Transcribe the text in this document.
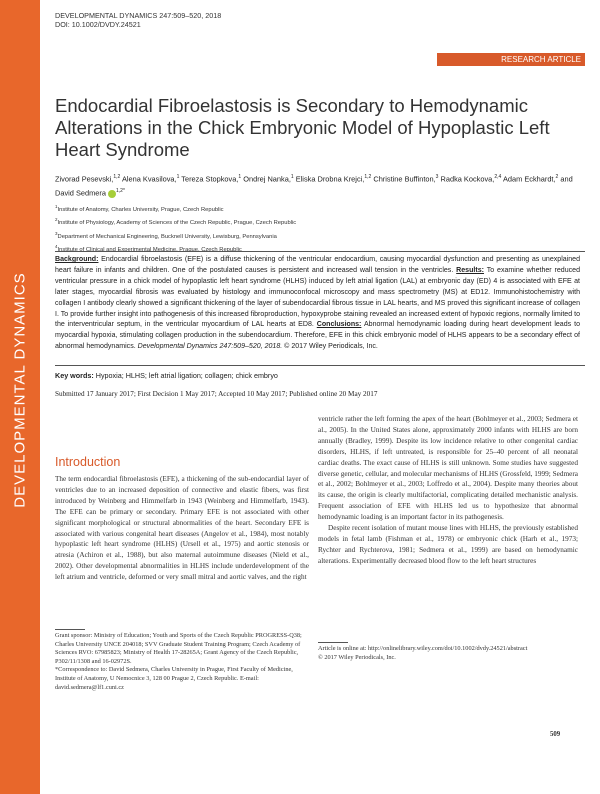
DEVELOPMENTAL DYNAMICS
DEVELOPMENTAL DYNAMICS 247:509–520, 2018
DOI: 10.1002/DVDY.24521
RESEARCH ARTICLE
Endocardial Fibroelastosis is Secondary to Hemodynamic Alterations in the Chick Embryonic Model of Hypoplastic Left Heart Syndrome
Zivorad Pesevski,$^{1,2}$ Alena Kvasilova,$^1$ Tereza Stopkova,$^1$ Ondrej Nanka,$^1$ Eliska Drobna Krejci,$^{1,2}$ Christine Buffinton,$^3$ Radka Kockova,$^{2,4}$ Adam Eckhardt,$^2$ and David Sedmera $^{1,2*}$
$^1$Institute of Anatomy, Charles University, Prague, Czech Republic
$^2$Institute of Physiology, Academy of Sciences of the Czech Republic, Prague, Czech Republic
$^3$Department of Mechanical Engineering, Bucknell University, Lewisburg, Pennsylvania
$^4$Institute of Clinical and Experimental Medicine, Prague, Czech Republic
Background: Endocardial fibroelastosis (EFE) is a diffuse thickening of the ventricular endocardium, causing myocardial dysfunction and presenting as unexplained heart failure in infants and children. One of the postulated causes is persistent and increased wall tension in the ventricles. Results: To examine whether reduced ventricular pressure in a chick model of hypoplastic left heart syndrome (HLHS) induced by left atrial ligation (LAL) at embryonic day (ED) 4 is associated with EFE at later stages, myocardial fibrosis was evaluated by histology and immunoconfocal microscopy and mass spectrometry (MS) at ED12. Immunohistochemistry with collagen I antibody clearly showed a significant thickening of the layer of subendocardial fibrous tissue in LAL hearts, and MS proved this significant increase of collagen I. To provide further insight into pathogenesis of this increased fibroproduction, hypoxyprobe staining revealed an increased extent of hypoxic regions, normally limited to the interventricular septum, in the ventricular myocardium of LAL hearts at ED8. Conclusions: Abnormal hemodynamic loading during heart development leads to myocardial hypoxia, stimulating collagen production in the subendocardium. Therefore, EFE in this chick embryonic model of HLHS appears to be a secondary effect of abnormal hemodynamics. Developmental Dynamics 247:509–520, 2018. © 2017 Wiley Periodicals, Inc.
Key words: Hypoxia; HLHS; left atrial ligation; collagen; chick embryo
Submitted 17 January 2017; First Decision 1 May 2017; Accepted 10 May 2017; Published online 20 May 2017
Introduction

The term endocardial fibroelastosis (EFE), a thickening of the sub-endocardial layer of ventricles due to an increased deposition of connective and elastic fibers, was first introduced by Weinberg and Himmelfarb in 1943 (Weinberg and Himmelfarb, 1943). The EFE can be primary or secondary. Primary EFE is not associated with other significant morphological or structural abnormalities of the heart. Secondary EFE is associated with various congenital heart diseases (Angelov et al., 1984), most notably hypoplastic left heart syndrome (HLHS) (Ursell et al., 1975) and aortic stenosis or atresia (Achiron et al., 1988), but also maternal autoimmune diseases (Nield et al., 2002). Other developmental abnormalities in HLHS include underdevelopment of the left atrium and ventricle, deformed or very small mitral and aortic valves, and the right

ventricle rather the left forming the apex of the heart (Bohlmeyer et al., 2003; Sedmera et al., 2005). In the United States alone, approximately 2000 infants with HLHS are born annually (Bradley, 1999). Despite its low incidence relative to other congenital cardiac disorders, HLHS, if left untreated, is responsible for 25–40 percent of all neonatal cardiac deaths. The exact cause of HLHS is still unknown. Some studies have suggested diverse genetic, cellular, and molecular mechanisms of HLHS (Grossfeld, 1999; Sedmera et al., 2002; Bohlmeyer et al., 2003; Loffredo et al., 2004). Despite many theories about its cause, the origin is clearly multifactorial, complicating detailed mechanistic analysis. Frequent association of EFE with HLHS led us to hypothesize that abnormal hemodynamic loading is an important factor in its pathogenesis.

Despite recent isolation of mutant mouse lines with HLHS, the previously established models in fetal lamb (Fishman et al., 1978) or embryonic chick (Harh et al., 1973; Rychter and Rychterova, 1981; Sedmera et al., 1999) are based on hemodynamic alterations. Experimentally decreased blood flow to the left heart structures

Grant sponsor: Ministry of Education; Youth and Sports of the Czech Republic PROGRESS-Q38; Charles University UNCE 204018; SVV Graduate Student Training Program; Czech Academy of Sciences RVO: 67985823; Ministry of Health 17-28265A; Grant Agency of the Czech Republic, P302/11/1308 and 16-02972S.
*Correspondence to: David Sedmera, Charles University in Prague, First Faculty of Medicine, Institute of Anatomy, U Nemocnice 3, 128 00 Prague 2, Czech Republic. E-mail: david.sedmera@lf1.cuni.cz
Article is online at: http://onlinelibrary.wiley.com/doi/10.1002/dvdy.24521/abstract
© 2017 Wiley Periodicals, Inc.
509
